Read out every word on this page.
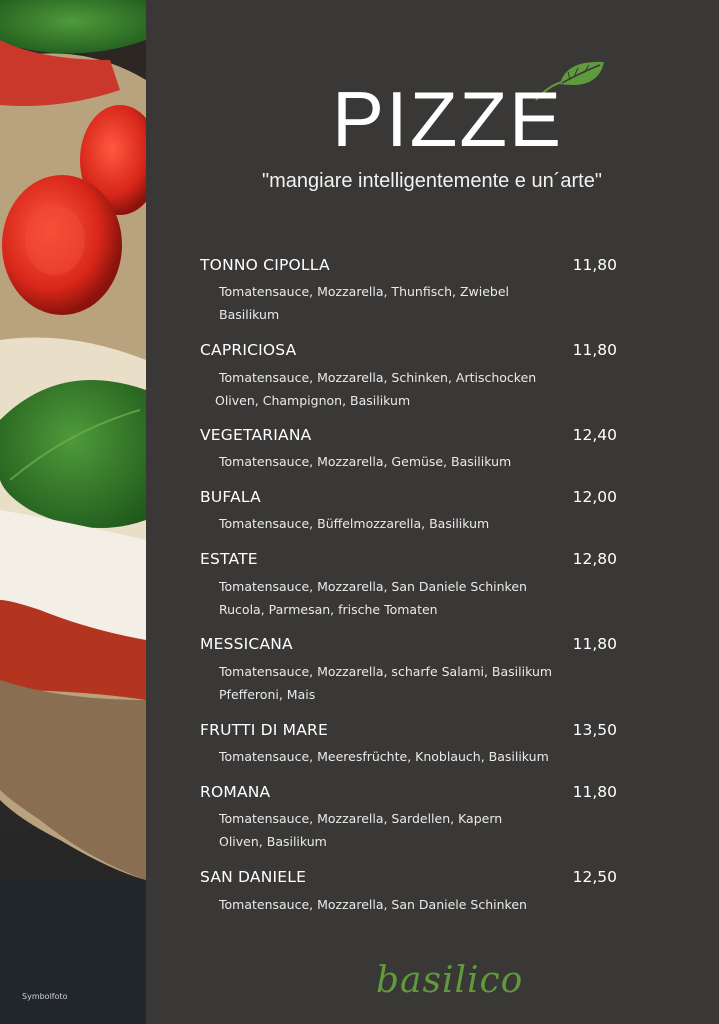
Symbolfoto
PIZZE
"mangiare intelligentemente e un´arte"
TONNO CIPOLLA	11,80
Tomatensauce, Mozzarella, Thunfisch, Zwiebel
Basilikum
CAPRICIOSA	11,80
Tomatensauce, Mozzarella, Schinken, Artischocken
Oliven, Champignon, Basilikum
VEGETARIANA	12,40
Tomatensauce, Mozzarella, Gemüse, Basilikum
BUFALA	12,00
Tomatensauce, Büffelmozzarella, Basilikum
ESTATE	12,80
Tomatensauce, Mozzarella, San Daniele Schinken
Rucola, Parmesan, frische Tomaten
MESSICANA	11,80
Tomatensauce, Mozzarella, scharfe Salami, Basilikum
Pfefferoni, Mais
FRUTTI DI MARE	13,50
Tomatensauce, Meeresfrüchte, Knoblauch, Basilikum
ROMANA	11,80
Tomatensauce, Mozzarella, Sardellen, Kapern
Oliven, Basilikum
SAN DANIELE	12,50
Tomatensauce, Mozzarella, San Daniele Schinken
basilico
